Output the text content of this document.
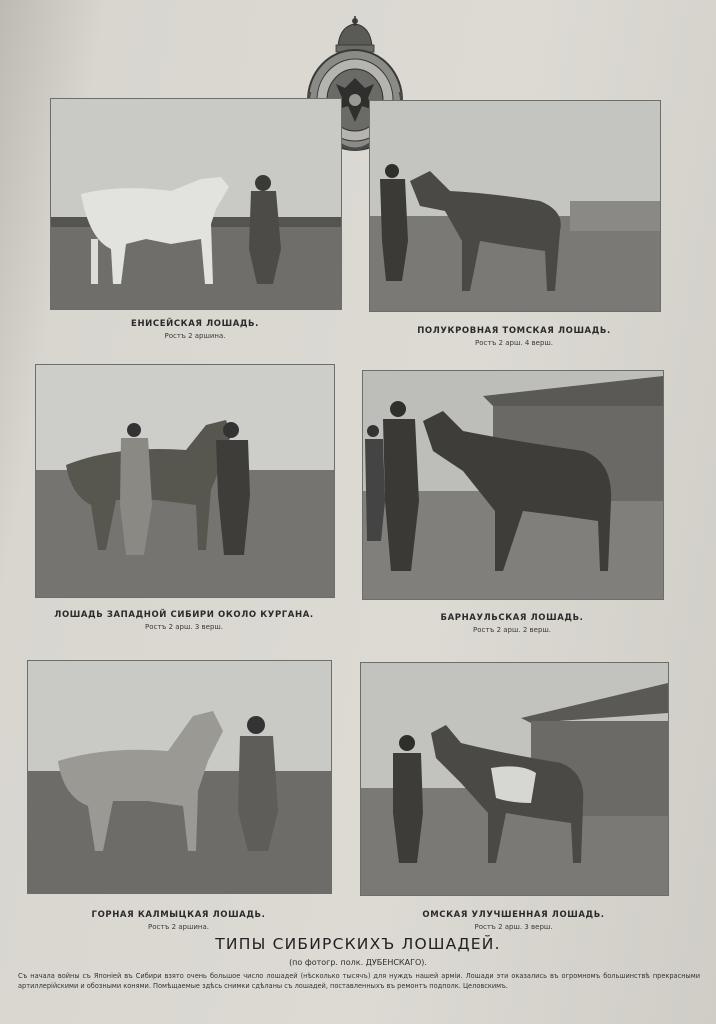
ЕНИСЕЙСКАЯ ЛОШАДЬ.
Ростъ 2 аршина.	ПОЛУКРОВНАЯ ТОМСКАЯ ЛОШАДЬ.
Ростъ 2 арш. 4 верш.
ЛОШАДЬ ЗАПАДНОЙ СИБИРИ ОКОЛО КУРГАНА.
Ростъ 2 арш. 3 верш.
БАРНАУЛЬСКАЯ ЛОШАДЬ.
Ростъ 2 арш. 2 верш.
ГОРНАЯ КАЛМЫЦКАЯ ЛОШАДЬ.
Ростъ 2 аршина.
ОМСКАЯ УЛУЧШЕННАЯ ЛОШАДЬ.
Ростъ 2 арш. 3 верш.
ТИПЫ СИБИРСКИХЪ ЛОШАДЕЙ.
(по фотогр. полк. ДУБЕНСКАГО).
Съ начала войны съ Японіей въ Сибири взято очень большое число лошадей (нѣсколько тысячъ) для нуждъ нашей арміи. Лошади эти оказались въ огромномъ большинствѣ прекрасными артиллерійскими и обозными конями. Помѣщаемые здѣсь снимки сдѣланы съ лошадей, поставленныхъ въ ремонтъ подполк. Целовскимъ.
